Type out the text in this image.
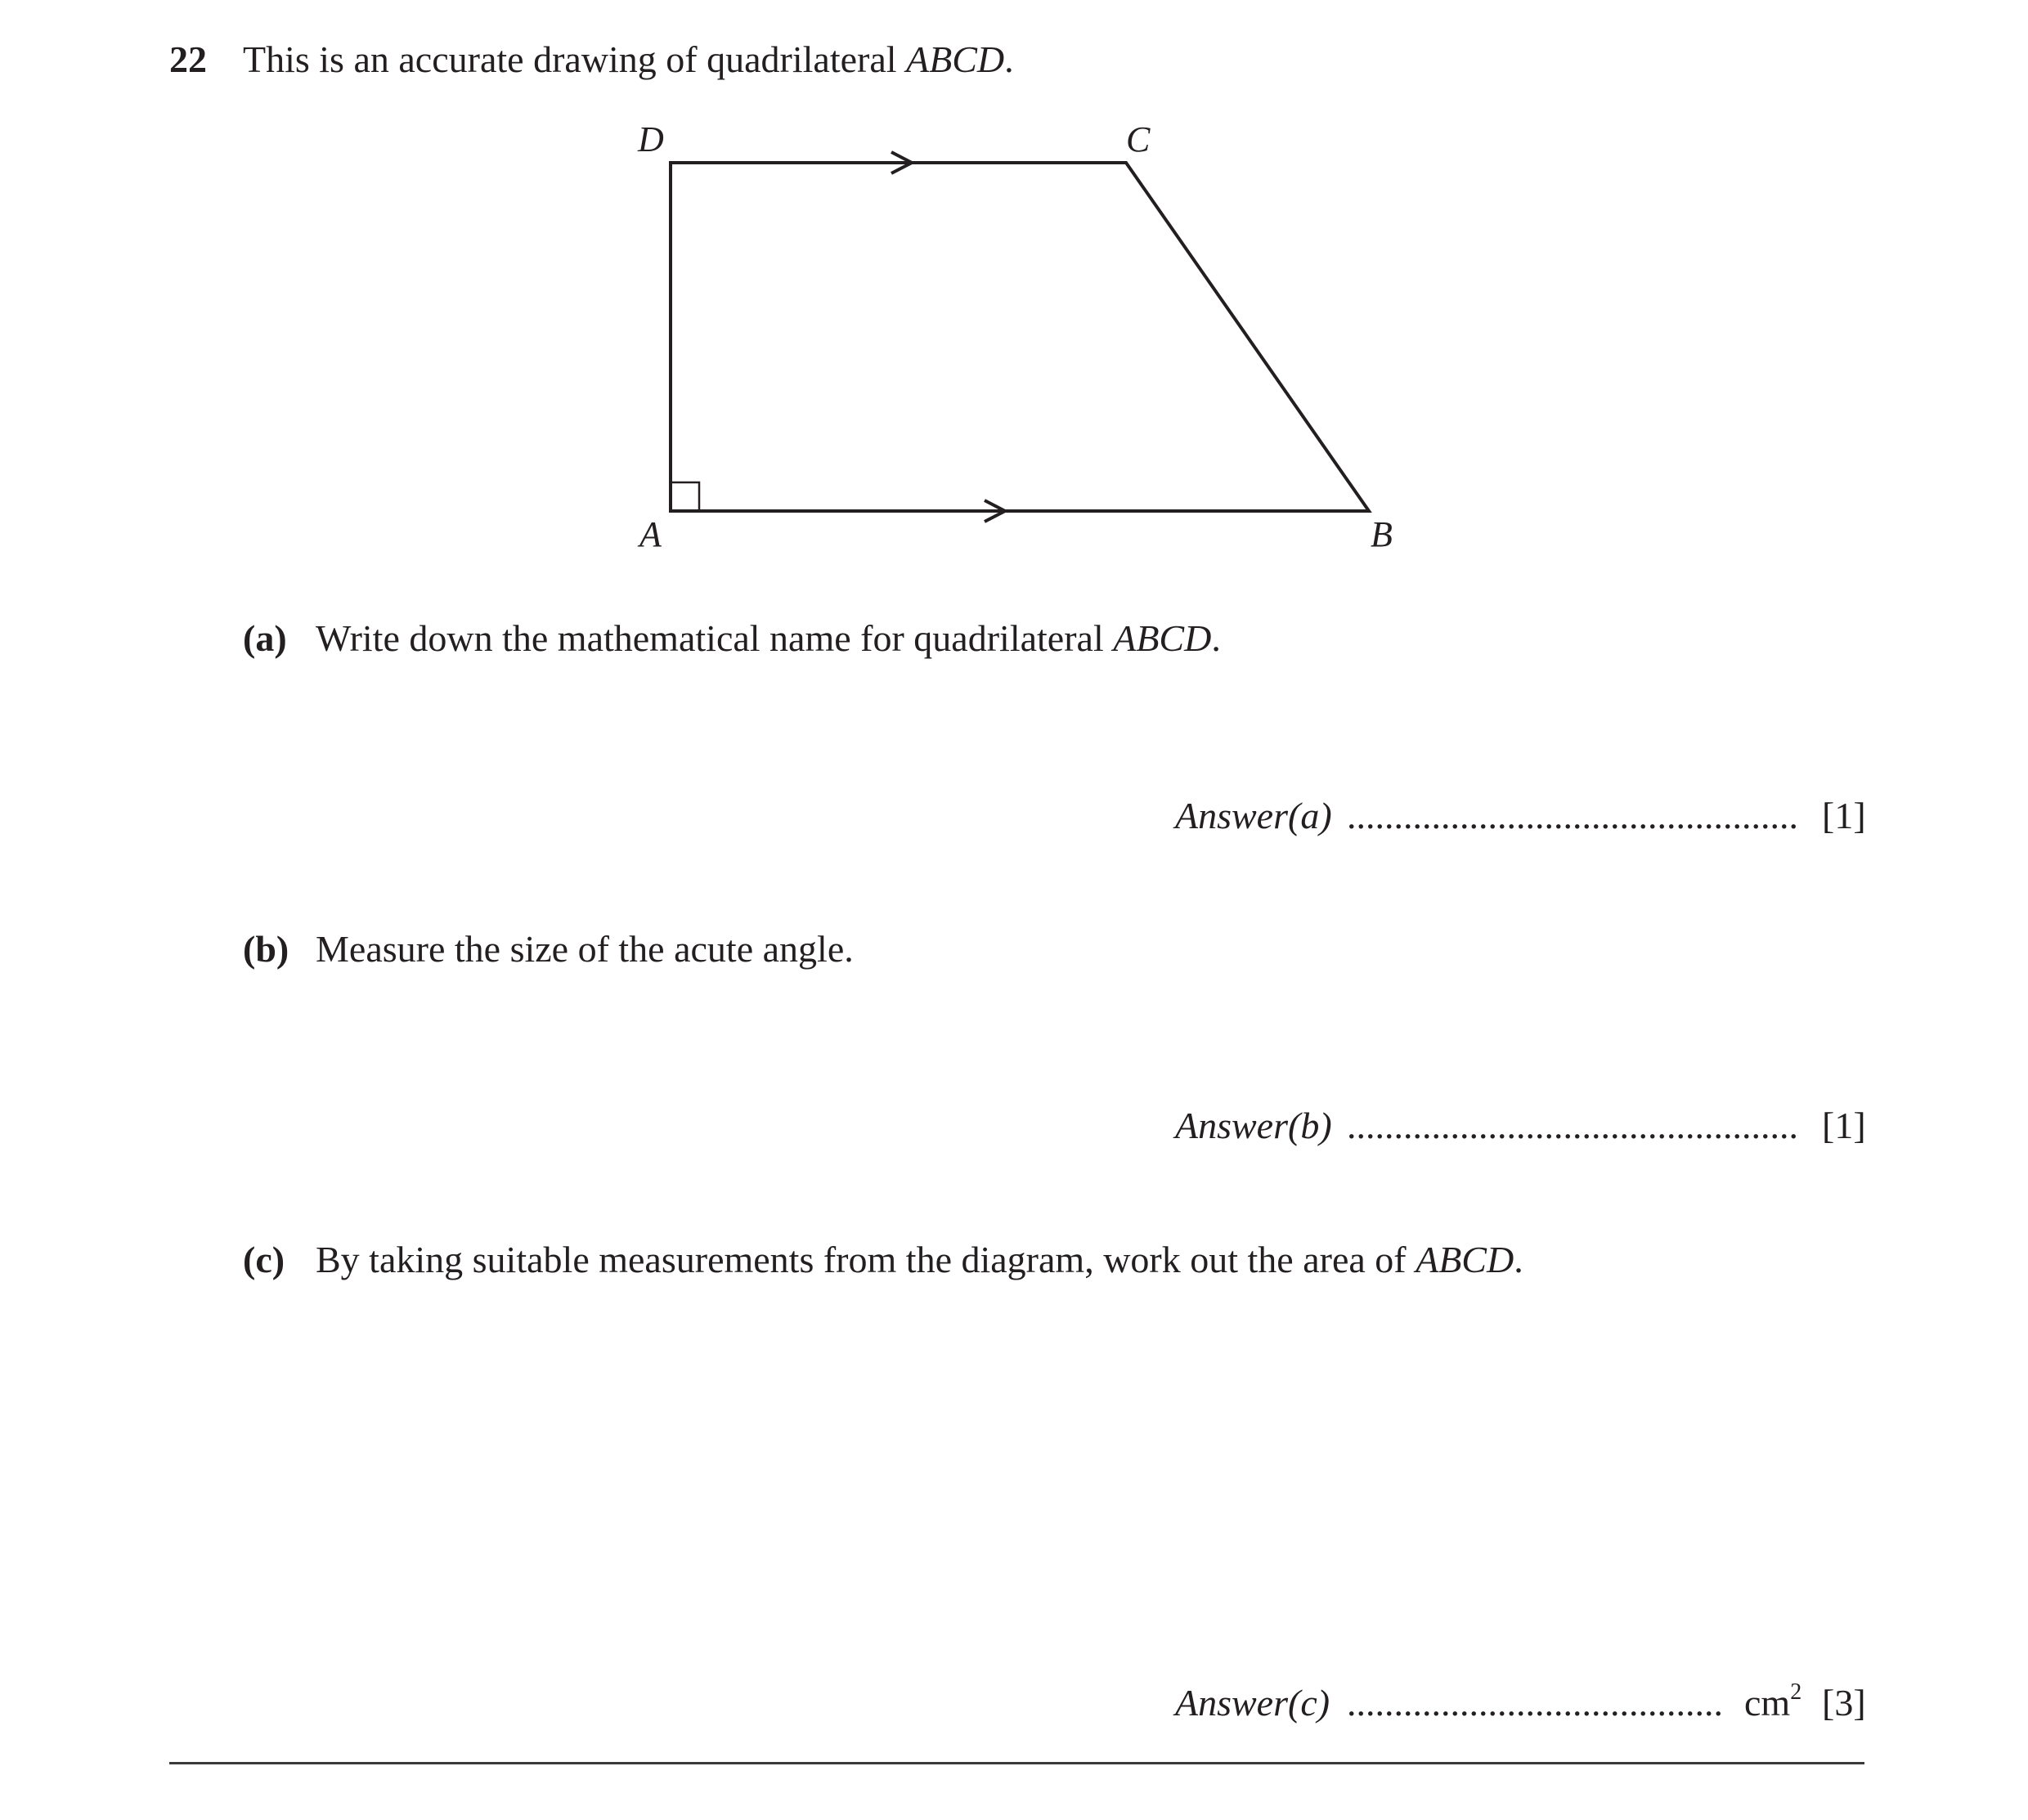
22 This is an accurate drawing of quadrilateral ABCD.
D	C
A	B
(a) Write down the mathematical name for quadrilateral ABCD.
Answer(a) ................................................ [1]
(b) Measure the size of the acute angle.
Answer(b) ................................................ [1]
(c) By taking suitable measurements from the diagram, work out the area of ABCD.
Answer(c) ........................................ $cm^2$ [3]
